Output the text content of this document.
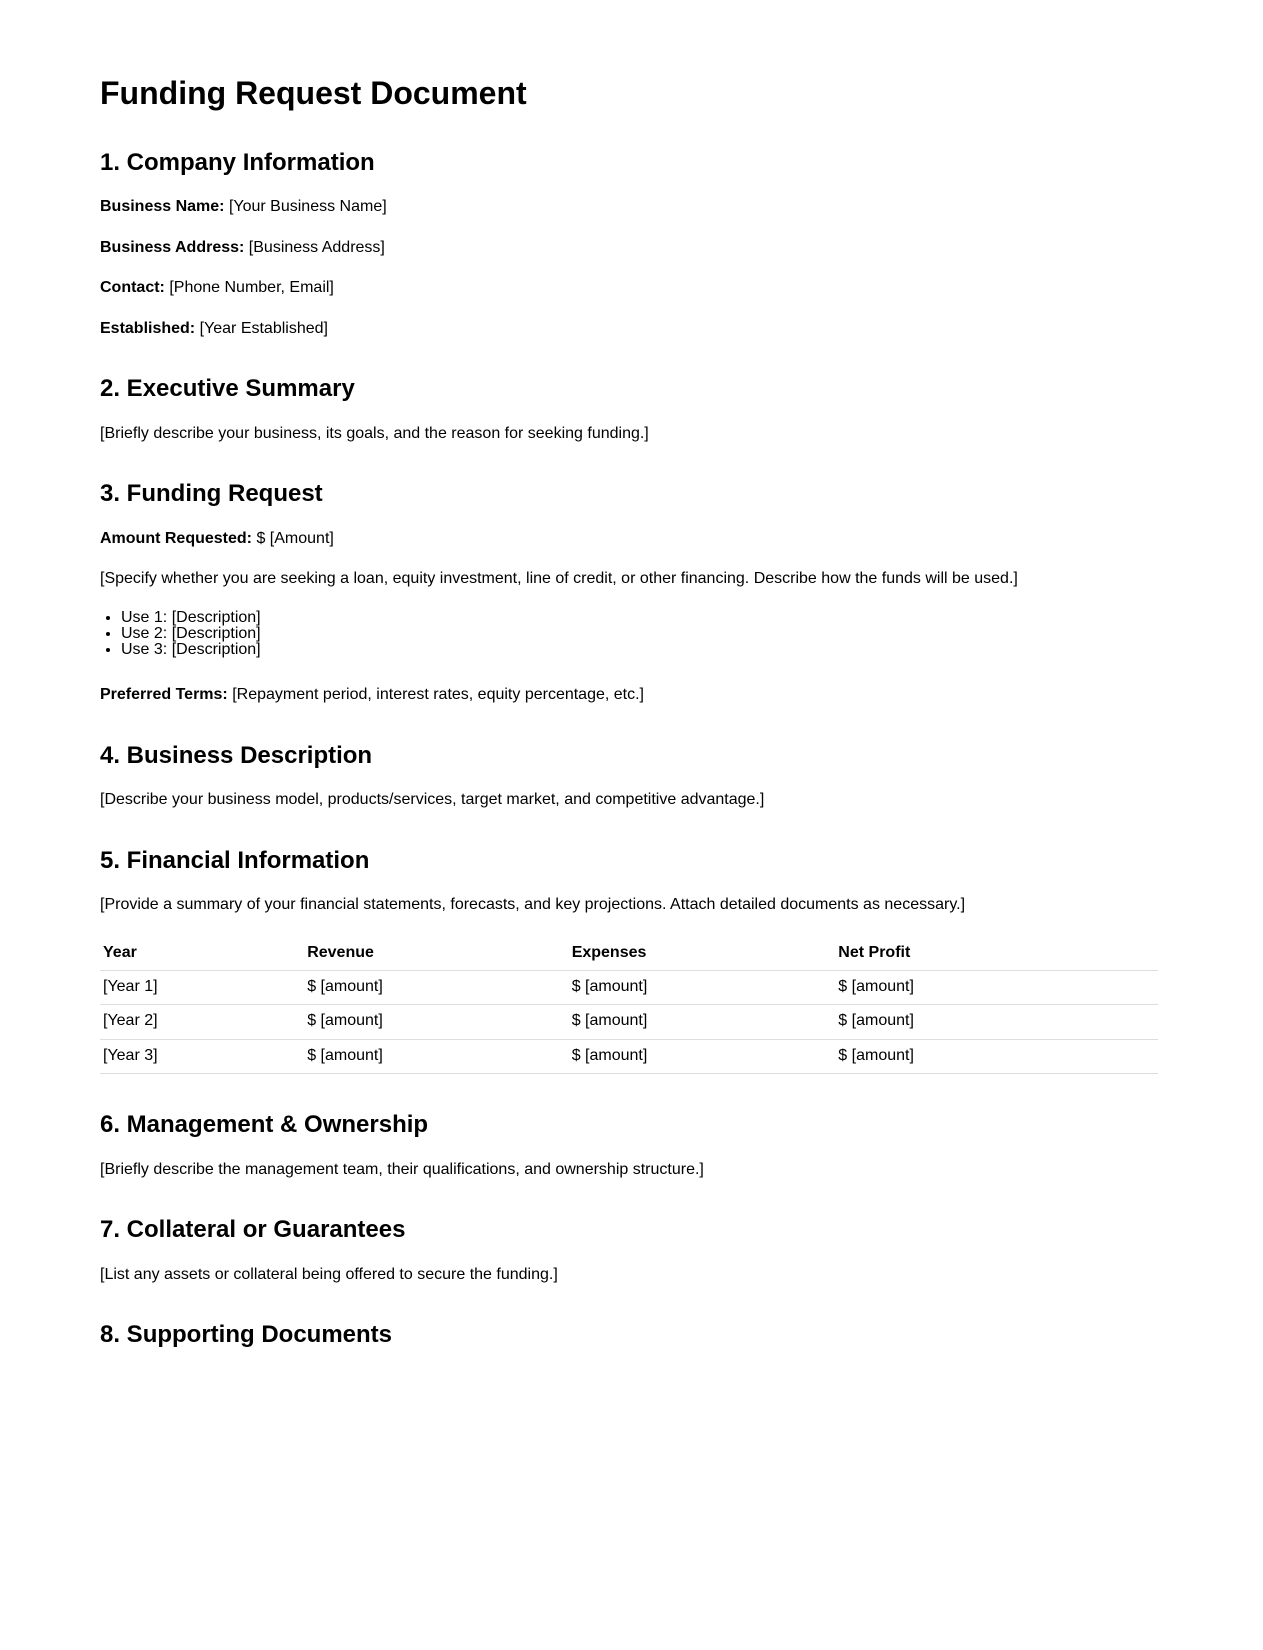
Funding Request Document
1. Company Information

Business Name: [Your Business Name]

Business Address: [Business Address]

Contact: [Phone Number, Email]

Established: [Year Established]

2. Executive Summary

[Briefly describe your business, its goals, and the reason for seeking funding.]

3. Funding Request

Amount Requested: $ [Amount]

[Specify whether you are seeking a loan, equity investment, line of credit, or other financing. Describe how the funds will be used.]

• Use 1: [Description]
• Use 2: [Description]
• Use 3: [Description]

Preferred Terms: [Repayment period, interest rates, equity percentage, etc.]

4. Business Description

[Describe your business model, products/services, target market, and competitive advantage.]

5. Financial Information

[Provide a summary of your financial statements, forecasts, and key projections. Attach detailed documents as necessary.]

Year	Revenue	Expenses	Net Profit
[Year 1]	$ [amount]	$ [amount]	$ [amount]
[Year 2]	$ [amount]	$ [amount]	$ [amount]
[Year 3]	$ [amount]	$ [amount]	$ [amount]
6. Management & Ownership

[Briefly describe the management team, their qualifications, and ownership structure.]

7. Collateral or Guarantees

[List any assets or collateral being offered to secure the funding.]

8. Supporting Documents
